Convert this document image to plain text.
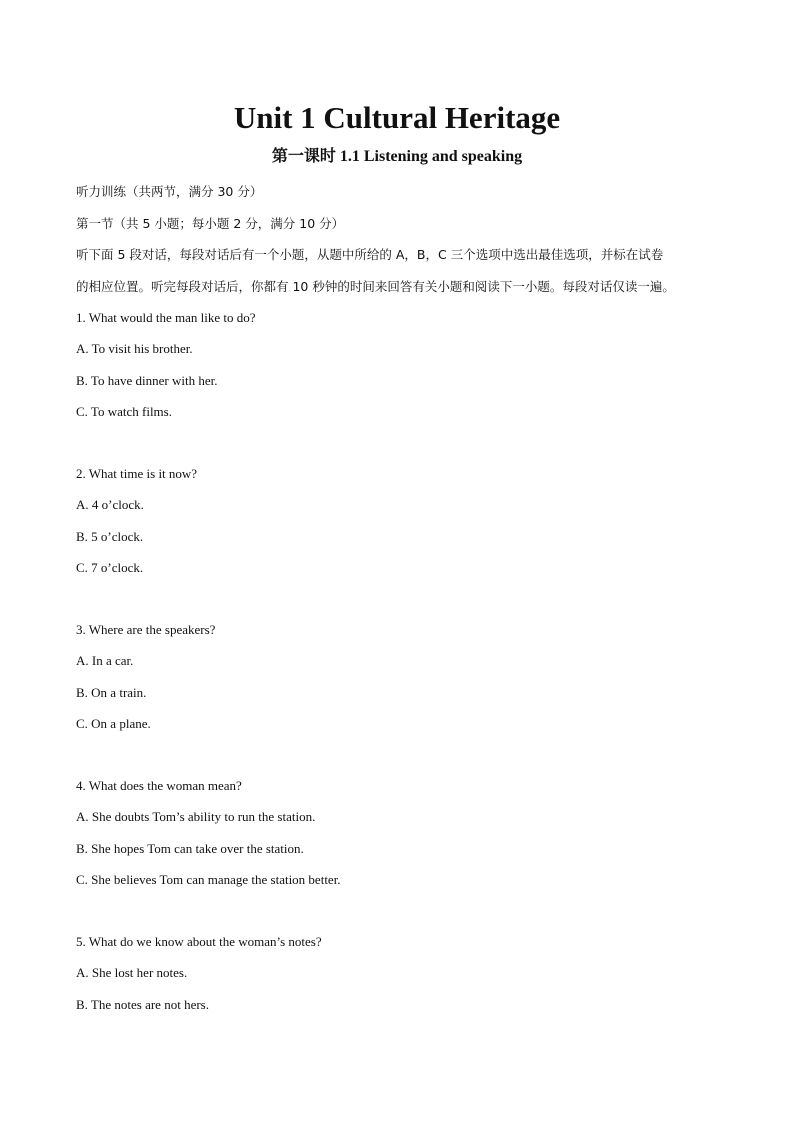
Unit 1 Cultural Heritage
第一课时 1.1 Listening and speaking
听力训练（共两节，满分 30 分）
第一节（共 5 小题；每小题 2 分，满分 10 分）
听下面 5 段对话，每段对话后有一个小题，从题中所给的 A，B，C 三个选项中选出最佳选项，并标在试卷
的相应位置。听完每段对话后，你都有 10 秒钟的时间来回答有关小题和阅读下一小题。每段对话仅读一遍。
1. What would the man like to do?
A. To visit his brother.
B. To have dinner with her.
C. To watch films.
2. What time is it now?
A. 4 o’clock.
B. 5 o’clock.
C. 7 o’clock.
3. Where are the speakers?
A. In a car.
B. On a train.
C. On a plane.
4. What does the woman mean?
A. She doubts Tom’s ability to run the station.
B. She hopes Tom can take over the station.
C. She believes Tom can manage the station better.
5. What do we know about the woman’s notes?
A. She lost her notes.
B. The notes are not hers.
